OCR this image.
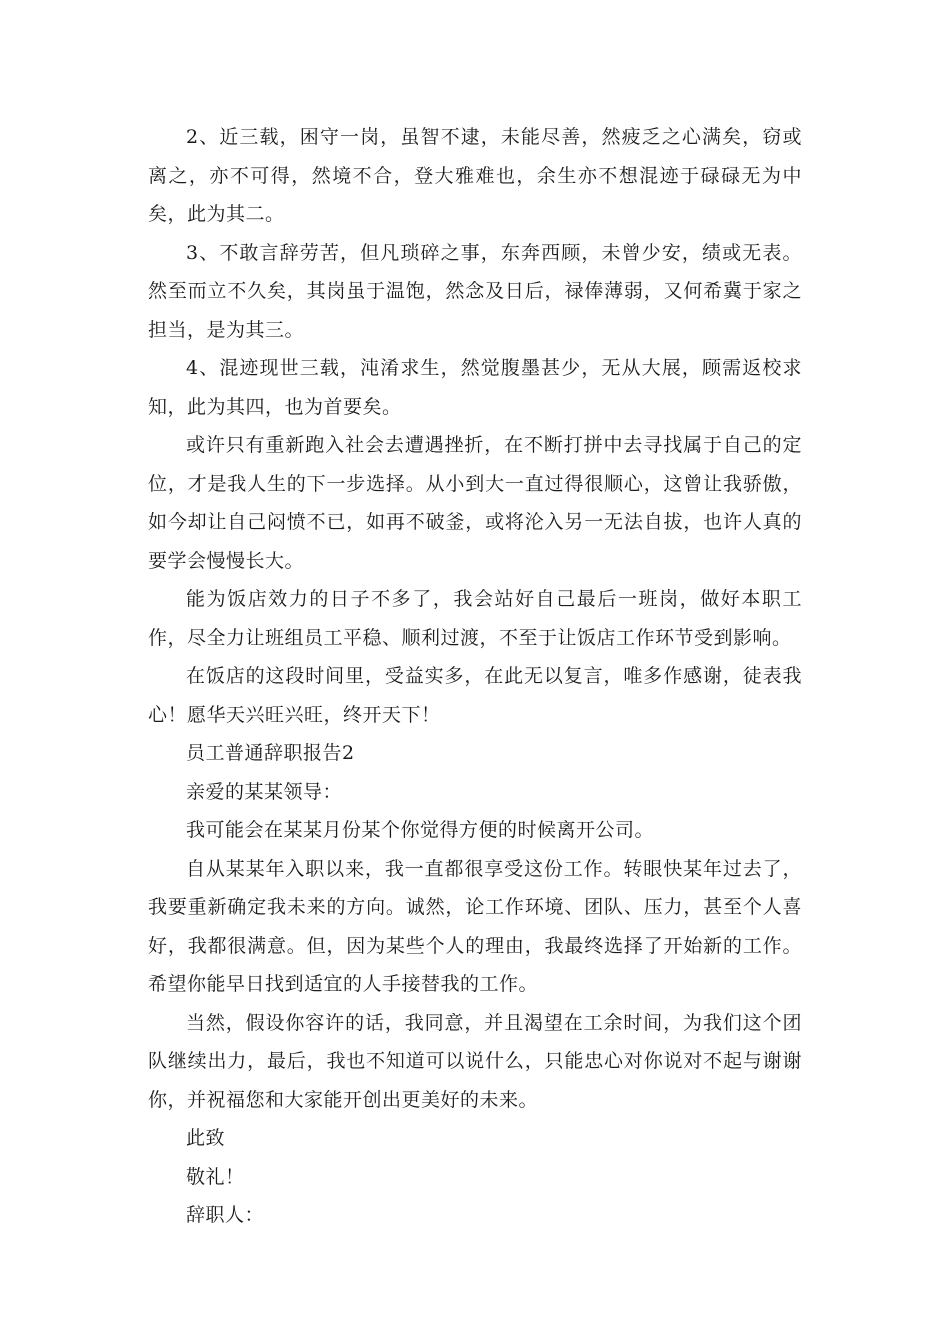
2、近三载，困守一岗，虽智不逮，未能尽善，然疲乏之心满矣，窃或离之，亦不可得，然境不合，登大雅难也，余生亦不想混迹于碌碌无为中矣，此为其二。

3、不敢言辞劳苦，但凡琐碎之事，东奔西顾，未曾少安，绩或无表。然至而立不久矣，其岗虽于温饱，然念及日后，禄俸薄弱，又何希冀于家之担当，是为其三。

4、混迹现世三载，沌淆求生，然觉腹墨甚少，无从大展，顾需返校求知，此为其四，也为首要矣。

或许只有重新跑入社会去遭遇挫折，在不断打拼中去寻找属于自己的定位，才是我人生的下一步选择。从小到大一直过得很顺心，这曾让我骄傲，如今却让自己闷愤不已，如再不破釜，或将沦入另一无法自拔，也许人真的要学会慢慢长大。

能为饭店效力的日子不多了，我会站好自己最后一班岗，做好本职工作，尽全力让班组员工平稳、顺利过渡，不至于让饭店工作环节受到影响。

在饭店的这段时间里，受益实多，在此无以复言，唯多作感谢，徒表我心！愿华天兴旺兴旺，终开天下！

员工普通辞职报告2

亲爱的某某领导：

我可能会在某某月份某个你觉得方便的时候离开公司。

自从某某年入职以来，我一直都很享受这份工作。转眼快某年过去了，我要重新确定我未来的方向。诚然，论工作环境、团队、压力，甚至个人喜好，我都很满意。但，因为某些个人的理由，我最终选择了开始新的工作。希望你能早日找到适宜的人手接替我的工作。

当然，假设你容许的话，我同意，并且渴望在工余时间，为我们这个团队继续出力，最后，我也不知道可以说什么，只能忠心对你说对不起与谢谢你，并祝福您和大家能开创出更美好的未来。

此致

敬礼！

辞职人：
